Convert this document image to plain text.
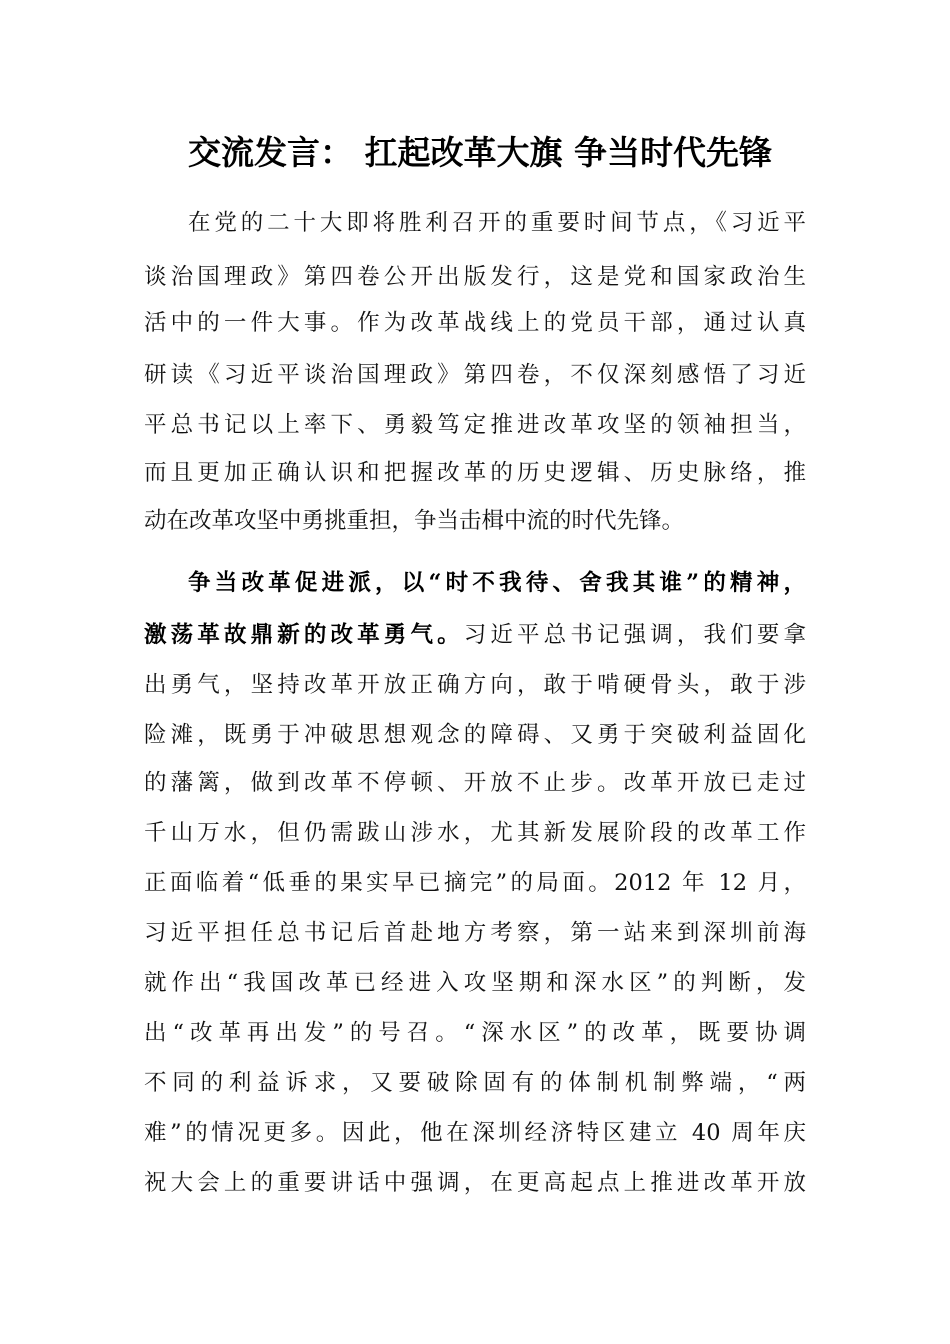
交流发言： 扛起改革大旗 争当时代先锋

在党的二十大即将胜利召开的重要时间节点，《习近平

谈治国理政》第四卷公开出版发行，这是党和国家政治生

活中的一件大事。作为改革战线上的党员干部，通过认真

研读《习近平谈治国理政》第四卷，不仅深刻感悟了习近

平总书记以上率下、勇毅笃定推进改革攻坚的领袖担当，

而且更加正确认识和把握改革的历史逻辑、历史脉络，推

动在改革攻坚中勇挑重担，争当击楫中流的时代先锋。

争当改革促进派，以“时不我待、舍我其谁”的精神，

激荡革故鼎新的改革勇气。习近平总书记强调，我们要拿

出勇气，坚持改革开放正确方向，敢于啃硬骨头，敢于涉

险滩，既勇于冲破思想观念的障碍、又勇于突破利益固化

的藩篱，做到改革不停顿、开放不止步。改革开放已走过

千山万水，但仍需跋山涉水，尤其新发展阶段的改革工作

正面临着“低垂的果实早已摘完”的局面。2012 年 12 月，

习近平担任总书记后首赴地方考察，第一站来到深圳前海

就作出“我国改革已经进入攻坚期和深水区”的判断，发

出“改革再出发”的号召。“深水区”的改革，既要协调

不同的利益诉求，又要破除固有的体制机制弊端，“两

难”的情况更多。因此，他在深圳经济特区建立 40 周年庆

祝大会上的重要讲话中强调，在更高起点上推进改革开放
